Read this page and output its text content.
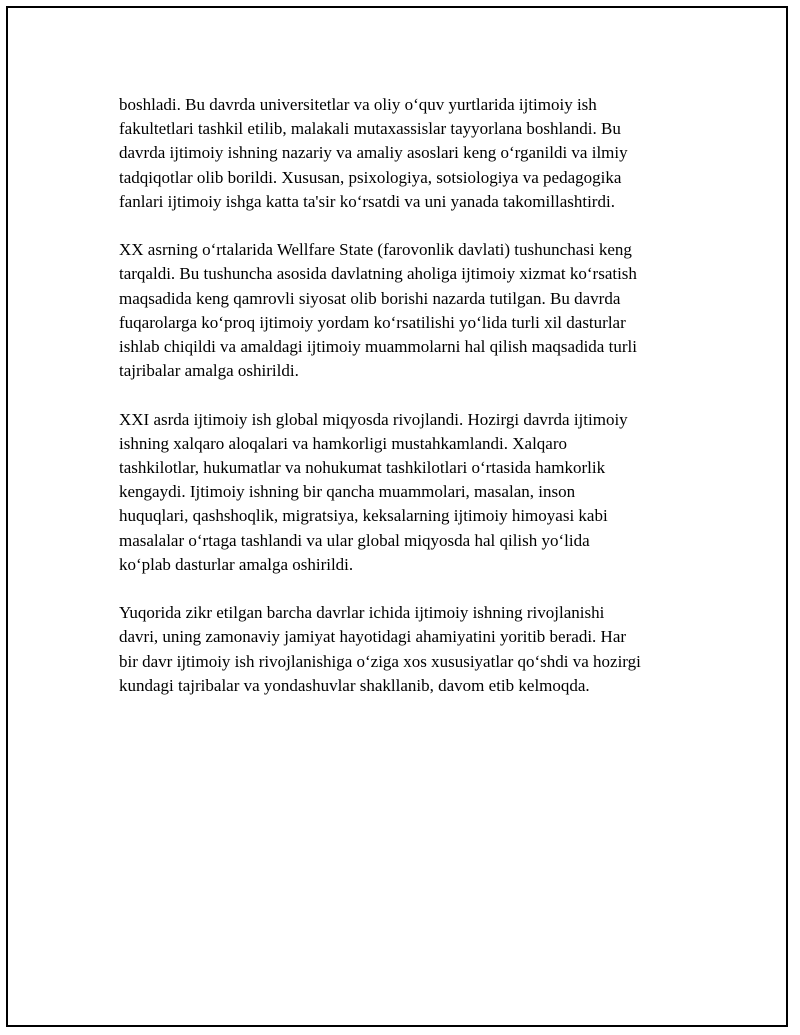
boshladi. Bu davrda universitetlar va oliy oʻquv yurtlarida ijtimoiy ish
fakultetlari tashkil etilib, malakali mutaxassislar tayyorlana boshlandi. Bu
davrda ijtimoiy ishning nazariy va amaliy asoslari keng oʻrganildi va ilmiy
tadqiqotlar olib borildi. Xususan, psixologiya, sotsiologiya va pedagogika
fanlari ijtimoiy ishga katta ta'sir koʻrsatdi va uni yanada takomillashtirdi.

XX asrning oʻrtalarida Wellfare State (farovonlik davlati) tushunchasi keng
tarqaldi. Bu tushuncha asosida davlatning aholiga ijtimoiy xizmat koʻrsatish
maqsadida keng qamrovli siyosat olib borishi nazarda tutilgan. Bu davrda
fuqarolarga koʻproq ijtimoiy yordam koʻrsatilishi yoʻlida turli xil dasturlar
ishlab chiqildi va amaldagi ijtimoiy muammolarni hal qilish maqsadida turli
tajribalar amalga oshirildi.

XXI asrda ijtimoiy ish global miqyosda rivojlandi. Hozirgi davrda ijtimoiy
ishning xalqaro aloqalari va hamkorligi mustahkamlandi. Xalqaro
tashkilotlar, hukumatlar va nohukumat tashkilotlari oʻrtasida hamkorlik
kengaydi. Ijtimoiy ishning bir qancha muammolari, masalan, inson
huquqlari, qashshoqlik, migratsiya, keksalarning ijtimoiy himoyasi kabi
masalalar oʻrtaga tashlandi va ular global miqyosda hal qilish yoʻlida
koʻplab dasturlar amalga oshirildi.

Yuqorida zikr etilgan barcha davrlar ichida ijtimoiy ishning rivojlanishi
davri, uning zamonaviy jamiyat hayotidagi ahamiyatini yoritib beradi. Har
bir davr ijtimoiy ish rivojlanishiga oʻziga xos xususiyatlar qoʻshdi va hozirgi
kundagi tajribalar va yondashuvlar shakllanib, davom etib kelmoqda.
